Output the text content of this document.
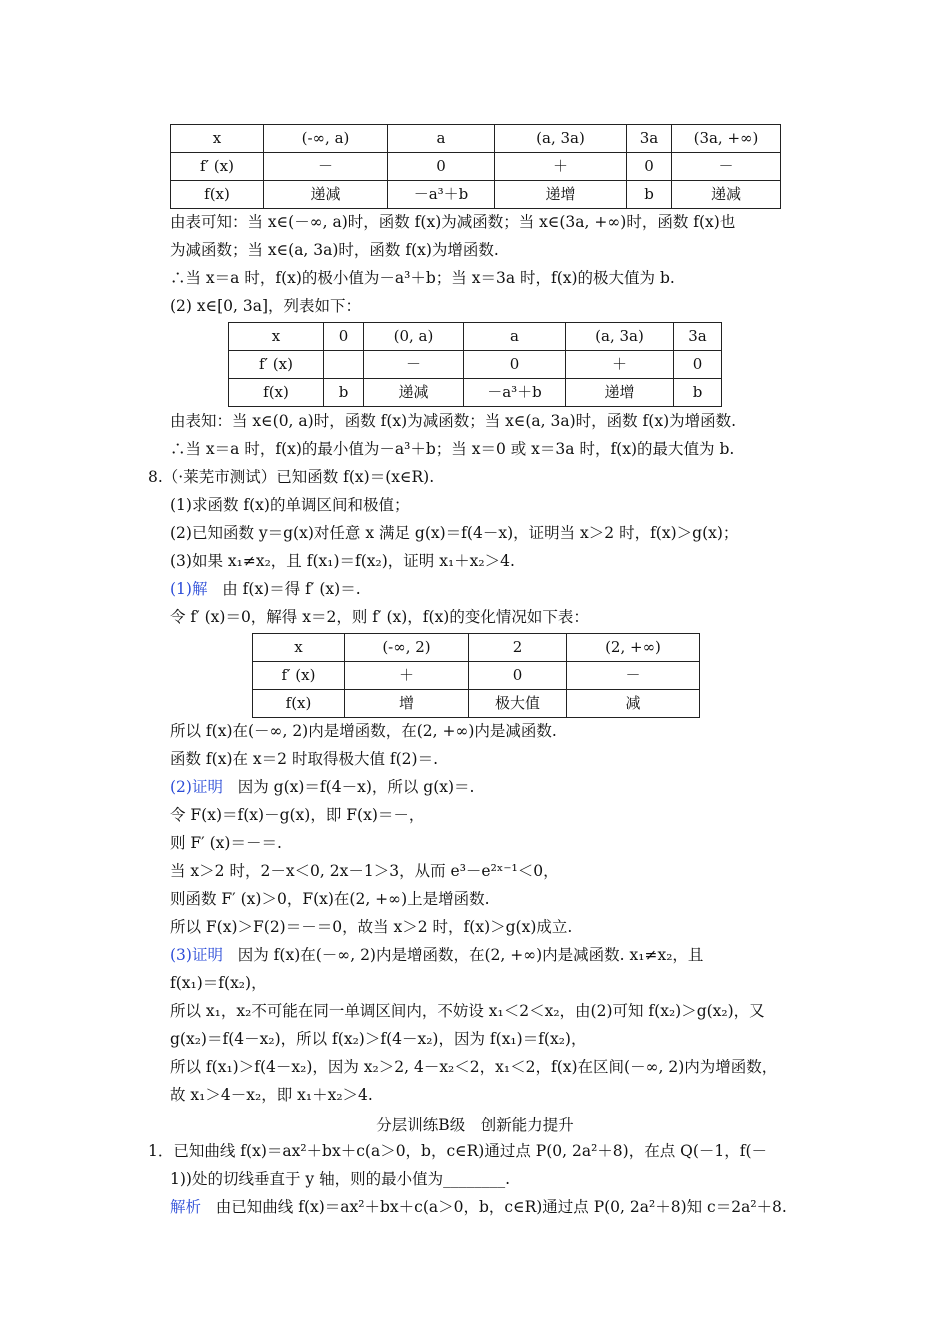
x	(-∞, a)	a	(a, 3a)	3a	(3a, +∞)
f′ (x)	－	0	＋	0	－
f(x)	递减	－a³＋b	递增	b	递减
由表可知：当 x∈(－∞, a)时，函数 f(x)为减函数；当 x∈(3a, +∞)时，函数 f(x)也
为减函数；当 x∈(a, 3a)时，函数 f(x)为增函数.
∴当 x＝a 时，f(x)的极小值为－a³＋b；当 x＝3a 时，f(x)的极大值为 b.
(2) x∈[0, 3a]，列表如下：
x	0	(0, a)	a	(a, 3a)	3a
f′ (x)		－	0	＋	0
f(x)	b	递减	－a³＋b	递增	b
由表知：当 x∈(0, a)时，函数 f(x)为减函数；当 x∈(a, 3a)时，函数 f(x)为增函数.
∴当 x＝a 时，f(x)的最小值为－a³＋b；当 x＝0 或 x＝3a 时，f(x)的最大值为 b.
8.（·莱芜市测试）已知函数 f(x)＝(x∈R).
(1)求函数 f(x)的单调区间和极值；
(2)已知函数 y＝g(x)对任意 x 满足 g(x)＝f(4－x)，证明当 x＞2 时，f(x)＞g(x)；
(3)如果 x₁≠x₂，且 f(x₁)＝f(x₂)，证明 x₁＋x₂＞4.
(1)解 由 f(x)＝得 f′ (x)＝.
令 f′ (x)＝0，解得 x＝2，则 f′ (x)，f(x)的变化情况如下表：
x	(-∞, 2)	2	(2, +∞)
f′ (x)	＋	0	－
f(x)	增	极大值	减
所以 f(x)在(－∞, 2)内是增函数，在(2, +∞)内是减函数.
函数 f(x)在 x＝2 时取得极大值 f(2)＝.
(2)证明 因为 g(x)＝f(4－x)，所以 g(x)＝.
令 F(x)＝f(x)－g(x)，即 F(x)＝－，
则 F′ (x)＝－＝.
当 x＞2 时，2－x＜0, 2x－1＞3，从而 e³－e²ˣ⁻¹＜0，
则函数 F′ (x)＞0，F(x)在(2, +∞)上是增函数.
所以 F(x)＞F(2)＝－＝0，故当 x＞2 时，f(x)＞g(x)成立.
(3)证明 因为 f(x)在(－∞, 2)内是增函数，在(2, +∞)内是减函数. x₁≠x₂，且
f(x₁)＝f(x₂)，
所以 x₁，x₂不可能在同一单调区间内，不妨设 x₁＜2＜x₂，由(2)可知 f(x₂)＞g(x₂)，又
g(x₂)＝f(4－x₂)，所以 f(x₂)＞f(4－x₂)，因为 f(x₁)＝f(x₂)，
所以 f(x₁)＞f(4－x₂)，因为 x₂＞2, 4－x₂＜2，x₁＜2，f(x)在区间(－∞, 2)内为增函数，
故 x₁＞4－x₂，即 x₁＋x₂＞4.
分层训练B级　创新能力提升
1．已知曲线 f(x)＝ax²＋bx＋c(a＞0，b，c∈R)通过点 P(0, 2a²＋8)，在点 Q(－1，f(－
1))处的切线垂直于 y 轴，则的最小值为________.
解析 由已知曲线 f(x)＝ax²＋bx＋c(a＞0，b，c∈R)通过点 P(0, 2a²＋8)知 c＝2a²＋8.
